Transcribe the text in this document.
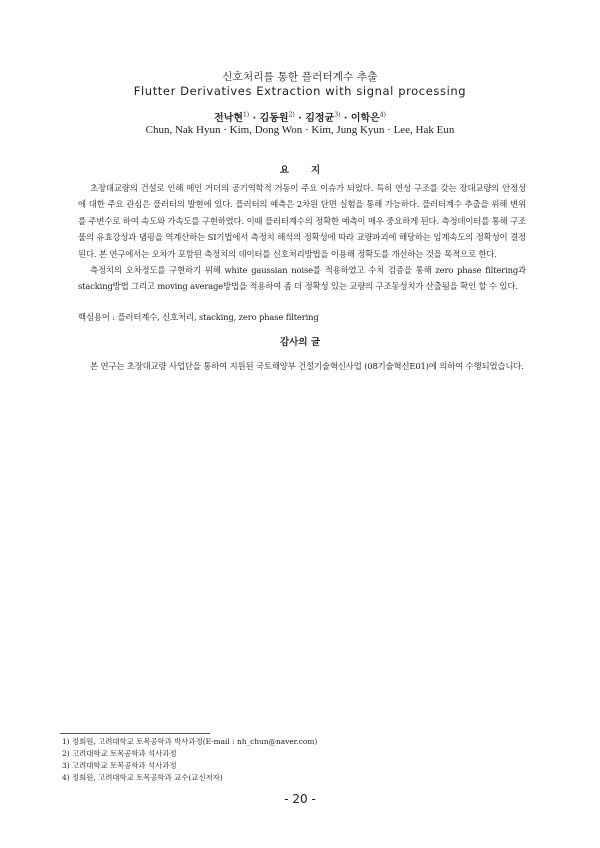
신호처리를 통한 플러터계수 추출
Flutter Derivatives Extraction with signal processing
전낙현$^{1)}$ · 김동원$^{2)}$ · 김정균$^{3)}$ · 이학은$^{4)}$
Chun, Nak Hyun · Kim, Dong Won · Kim, Jung Kyun · Lee, Hak Eun
요지
초장대교량의 건설로 인해 메인 거더의 공기역학적 거동이 주요 이슈가 되었다. 특히 연성 구조를 갖는 장대교량의 안정성에 대한 주요 관심은 플러터의 발현에 있다. 플러터의 예측은 2차원 단면 실험을 통해 가능하다. 플러터계수 추출을 위해 변위를 주변수로 하여 속도와 가속도를 구현하였다. 이때 플러터계수의 정확한 예측이 매우 중요하게 된다. 측정데이터를 통해 구조물의 유효강성과 댐핑을 역계산하는 SI기법에서 측정치 해석의 정확성에 따라 교량파괴에 해당하는 임계속도의 정확성이 결정된다. 본 연구에서는 오차가 포함된 측정치의 데이터를 신호처리방법을 이용해 정확도를 개선하는 것을 목적으로 한다.
측정치의 오차정도를 구현하기 위해 white gaussian noise를 적용하였고 수치 검증을 통해 zero phase filtering과 stacking방법 그리고 moving average방법을 적용하여 좀 더 정확성 있는 교량의 구조동성치가 산출됨을 확인 할 수 있다.
핵심용어 : 플러터계수, 신호처리, stacking, zero phase filtering
감사의 글
본 연구는 초장대교량 사업단을 통하여 지원된 국토해양부 건설기술혁신사업 (08기술혁신E01)에 의하여 수행되었습니다.
1) 정회원, 고려대학교 토목공학과 박사과정(E-mail : nh_chun@naver.com)
2) 고려대학교 토목공학과 석사과정
3) 고려대학교 토목공학과 석사과정
4) 정회원, 고려대학교 토목공학과 교수(교신저자)
- 20 -
